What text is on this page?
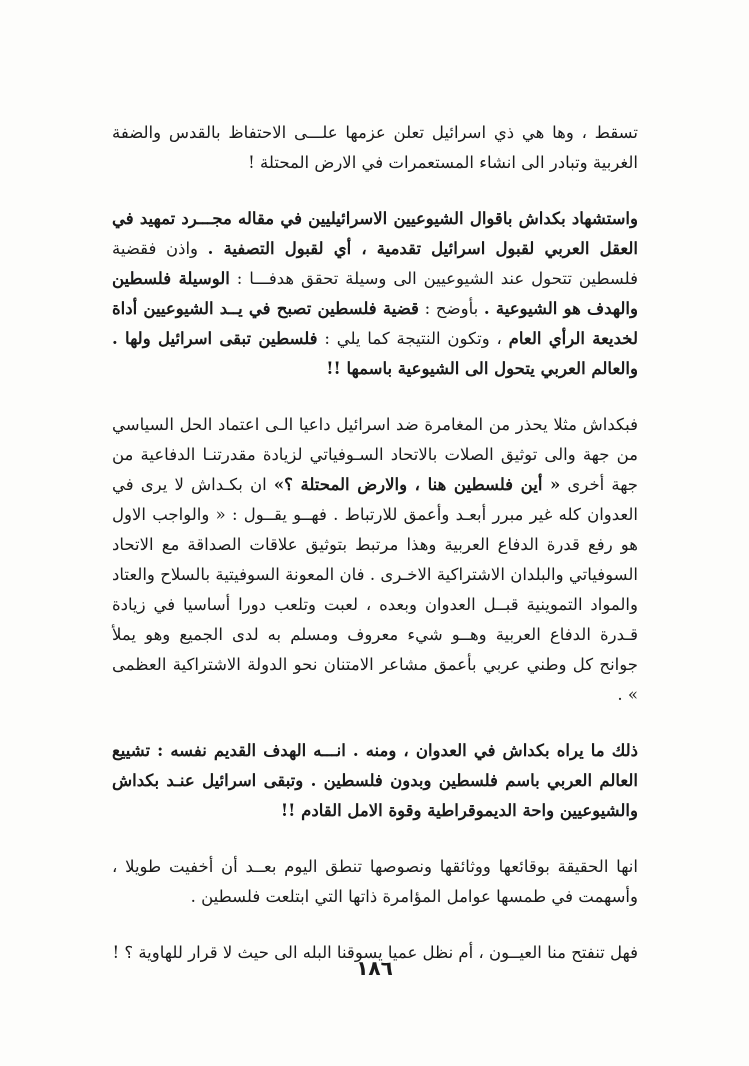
تسقط ، وها هي ذي اسرائيل تعلن عزمها علـــى الاحتفاظ بالقدس والضفة الغربية وتبادر الى انشاء المستعمرات في الارض المحتلة !

واستشهاد بكداش باقوال الشيوعيين الاسرائيليين في مقاله مجـــرد تمهيد في العقل العربي لقبول اسرائيل تقدمية ، أي لقبول التصفية . واذن فقضية فلسطين تتحول عند الشيوعيين الى وسيلة تحقق هدفـــا : الوسيلة فلسطين والهدف هو الشيوعية . بأوضح : قضية فلسطين تصبح في يــد الشيوعيين أداة لخديعة الرأي العام ، وتكون النتيجة كما يلي : فلسطين تبقى اسرائيل ولها . والعالم العربي يتحول الى الشيوعية باسمها !!

فبكداش مثلا يحذر من المغامرة ضد اسرائيل داعيا الـى اعتماد الحل السياسي من جهة والى توثيق الصلات بالاتحاد السـوفياتي لزيادة مقدرتنـا الدفاعية من جهة أخرى « أين فلسطين هنا ، والارض المحتلة ؟» ان بكـداش لا يرى في العدوان كله غير مبرر أبعـد وأعمق للارتباط . فهــو يقــول : « والواجب الاول هو رفع قدرة الدفاع العربية وهذا مرتبط بتوثيق علاقات الصداقة مع الاتحاد السوفياتي والبلدان الاشتراكية الاخـرى . فان المعونة السوفيتية بالسلاح والعتاد والمواد التموينية قبــل العدوان وبعده ، لعبت وتلعب دورا أساسيا في زيادة قـدرة الدفاع العربية وهــو شيء معروف ومسلم به لدى الجميع وهو يملأ جوانح كل وطني عربي بأعمق مشاعر الامتنان نحو الدولة الاشتراكية العظمى » .

ذلك ما يراه بكداش في العدوان ، ومنه . انـــه الهدف القديم نفسه : تشييع العالم العربي باسم فلسطين وبدون فلسطين . وتبقى اسرائيل عنـد بكداش والشيوعيين واحة الديموقراطية وقوة الامل القادم !!

انها الحقيقة بوقائعها ووثائقها ونصوصها تنطق اليوم بعــد أن أخفيت طويلا ، وأسهمت في طمسها عوامل المؤامرة ذاتها التي ابتلعت فلسطين .

فهل تنفتح منا العيــون ، أم نظل عميا يسوقنا البله الى حيث لا قرار للهاوية ؟ !

١٨٦
